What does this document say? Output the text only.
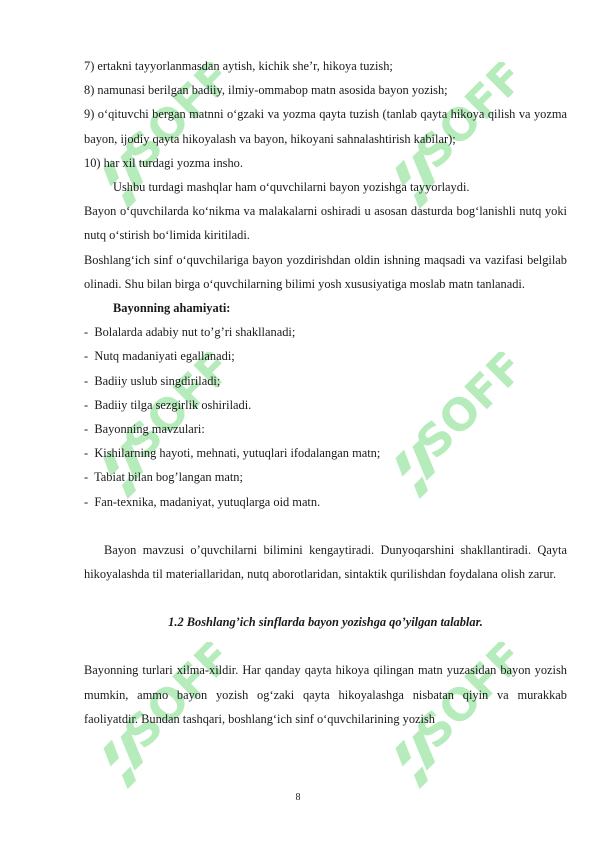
SOFF	SOFF
SOFF	SOFF
SOFF	SOFF

7) ertakni tayyorlanmasdan aytish, kichik she’r, hikoya tuzish;

8) namunasi berilgan badiiy, ilmiy-ommabop matn asosida bayon yozish;

9) o‘qituvchi bergan matnni o‘gzaki va yozma qayta tuzish (tanlab qayta hikoya qilish va yozma bayon, ijodiy qayta hikoyalash va bayon, hikoyani sahnalashtirish kabilar);

10) har xil turdagi yozma insho.

Ushbu turdagi mashqlar ham o‘quvchilarni bayon yozishga tayyorlaydi.

Bayon o‘quvchilarda ko‘nikma va malakalarni oshiradi u asosan dasturda bog‘lanishli nutq yoki nutq o‘stirish bo‘limida kiritiladi.

Boshlang‘ich sinf o‘quvchilariga bayon yozdirishdan oldin ishning maqsadi va vazifasi belgilab olinadi. Shu bilan birga o‘quvchilarning bilimi yosh xususiyatiga moslab matn tanlanadi.

Bayonning ahamiyati:

- Bolalarda adabiy nut to’g’ri shakllanadi;

- Nutq madaniyati egallanadi;

- Badiiy uslub singdiriladi;

- Badiiy tilga sezgirlik oshiriladi.

- Bayonning mavzulari:

- Kishilarning hayoti, mehnati, yutuqlari ifodalangan matn;

- Tabiat bilan bog’langan matn;

- Fan-texnika, madaniyat, yutuqlarga oid matn.

Bayon mavzusi o’quvchilarni bilimini kengaytiradi. Dunyoqarshini shakllantiradi. Qayta hikoyalashda til materiallaridan, nutq aborotlaridan, sintaktik qurilishdan foydalana olish zarur.

1.2 Boshlang’ich sinflarda bayon yozishga qo’yilgan talablar.

Bayonning turlari xilma-xildir. Har qanday qayta hikoya qilingan matn yuzasidan bayon yozish mumkin, ammo bayon yozish og‘zaki qayta hikoyalashga nisbatan qiyin va murakkab faoliyatdir. Bundan tashqari, boshlang‘ich sinf o‘quvchilarining yozish

8
